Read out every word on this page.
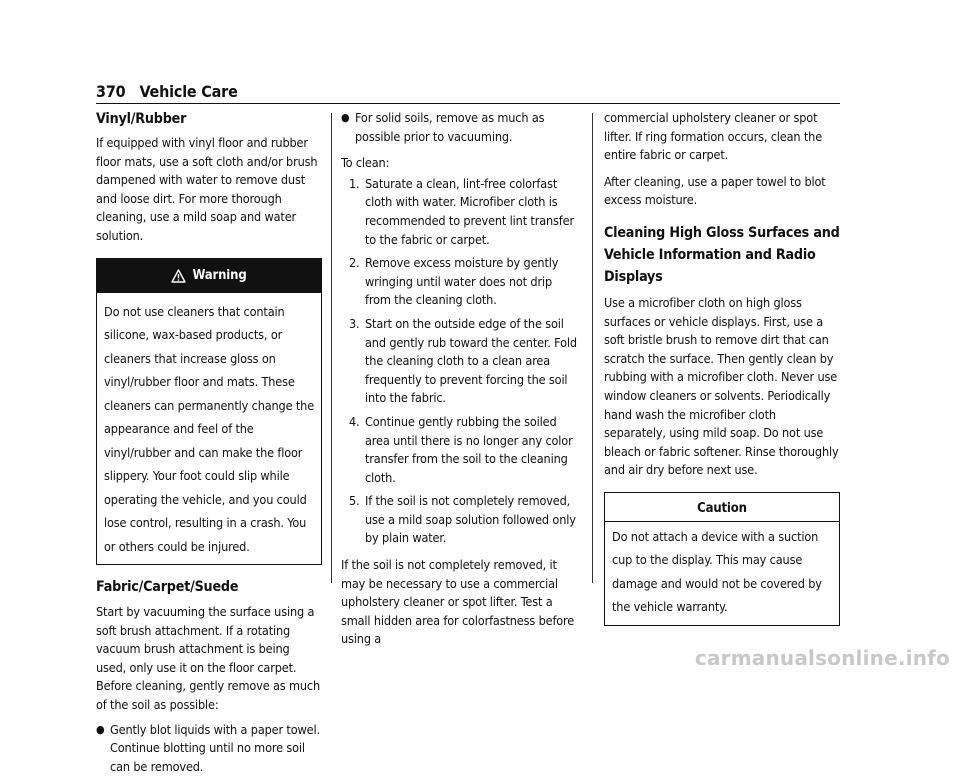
370 Vehicle Care
Vinyl/Rubber

If equipped with vinyl floor and rubber floor mats, use a soft cloth and/or brush dampened with water to remove dust and loose dirt. For more thorough cleaning, use a mild soap and water solution.

Warning
Do not use cleaners that contain silicone, wax-based products, or cleaners that increase gloss on vinyl/rubber floor and mats. These cleaners can permanently change the appearance and feel of the vinyl/rubber and can make the floor slippery. Your foot could slip while operating the vehicle, and you could lose control, resulting in a crash. You or others could be injured.
Fabric/Carpet/Suede

Start by vacuuming the surface using a soft brush attachment. If a rotating vacuum brush attachment is being used, only use it on the floor carpet. Before cleaning, gently remove as much of the soil as possible:

● Gently blot liquids with a paper towel. Continue blotting until no more soil can be removed.
● For solid soils, remove as much as possible prior to vacuuming.

To clean:

1. Saturate a clean, lint-free colorfast cloth with water. Microfiber cloth is recommended to prevent lint transfer to the fabric or carpet.
2. Remove excess moisture by gently wringing until water does not drip from the cleaning cloth.
3. Start on the outside edge of the soil and gently rub toward the center. Fold the cleaning cloth to a clean area frequently to prevent forcing the soil into the fabric.
4. Continue gently rubbing the soiled area until there is no longer any color transfer from the soil to the cleaning cloth.
5. If the soil is not completely removed, use a mild soap solution followed only by plain water.

If the soil is not completely removed, it may be necessary to use a commercial upholstery cleaner or spot lifter. Test a small hidden area for colorfastness before using a

commercial upholstery cleaner or spot lifter. If ring formation occurs, clean the entire fabric or carpet.

After cleaning, use a paper towel to blot excess moisture.

Cleaning High Gloss Surfaces and Vehicle Information and Radio Displays

Use a microfiber cloth on high gloss surfaces or vehicle displays. First, use a soft bristle brush to remove dirt that can scratch the surface. Then gently clean by rubbing with a microfiber cloth. Never use window cleaners or solvents. Periodically hand wash the microfiber cloth separately, using mild soap. Do not use bleach or fabric softener. Rinse thoroughly and air dry before next use.

Caution
Do not attach a device with a suction cup to the display. This may cause damage and would not be covered by the vehicle warranty.
carmanualsonline.info
